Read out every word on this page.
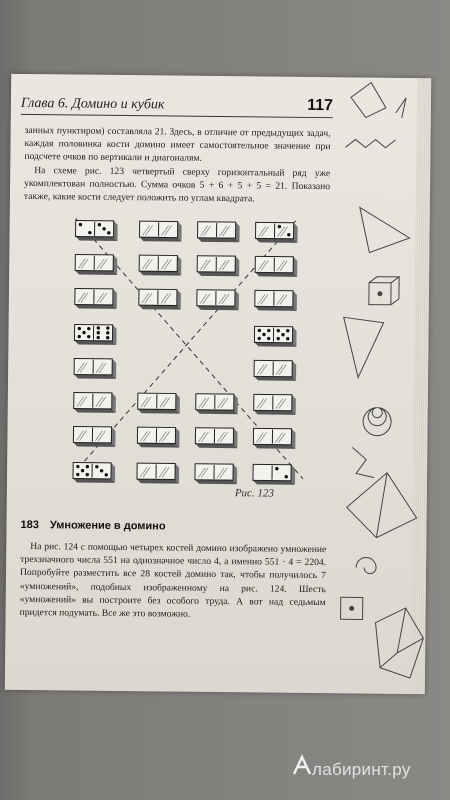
Глава 6. Домино и кубик	117

занных пунктиром) составляла 21. Здесь, в отличие от предыдущих задач, каждая половинка кости домино имеет самостоятельное значение при подсчете очков по вертикали и диагоналям.

На схеме рис. 123 четвертый сверху горизонтальный ряд уже укомплектован полностью. Сумма очков 5 + 6 + 5 + 5 = 21. Показано также, какие кости следует положить по углам квадрата.

Рис. 123
183 Умножение в домино

На рис. 124 с помощью четырех костей домино изображено умножение трехзначного числа 551 на однозначное число 4, а именно 551 · 4 = 2204. Попробуйте разместить все 28 костей домино так, чтобы получилось 7 «умножений», подобных изображенному на рис. 124. Шесть «умножений» вы построите без особого труда. А вот над седьмым придется подумать. Все же это возможно.

лабиринт.ру
